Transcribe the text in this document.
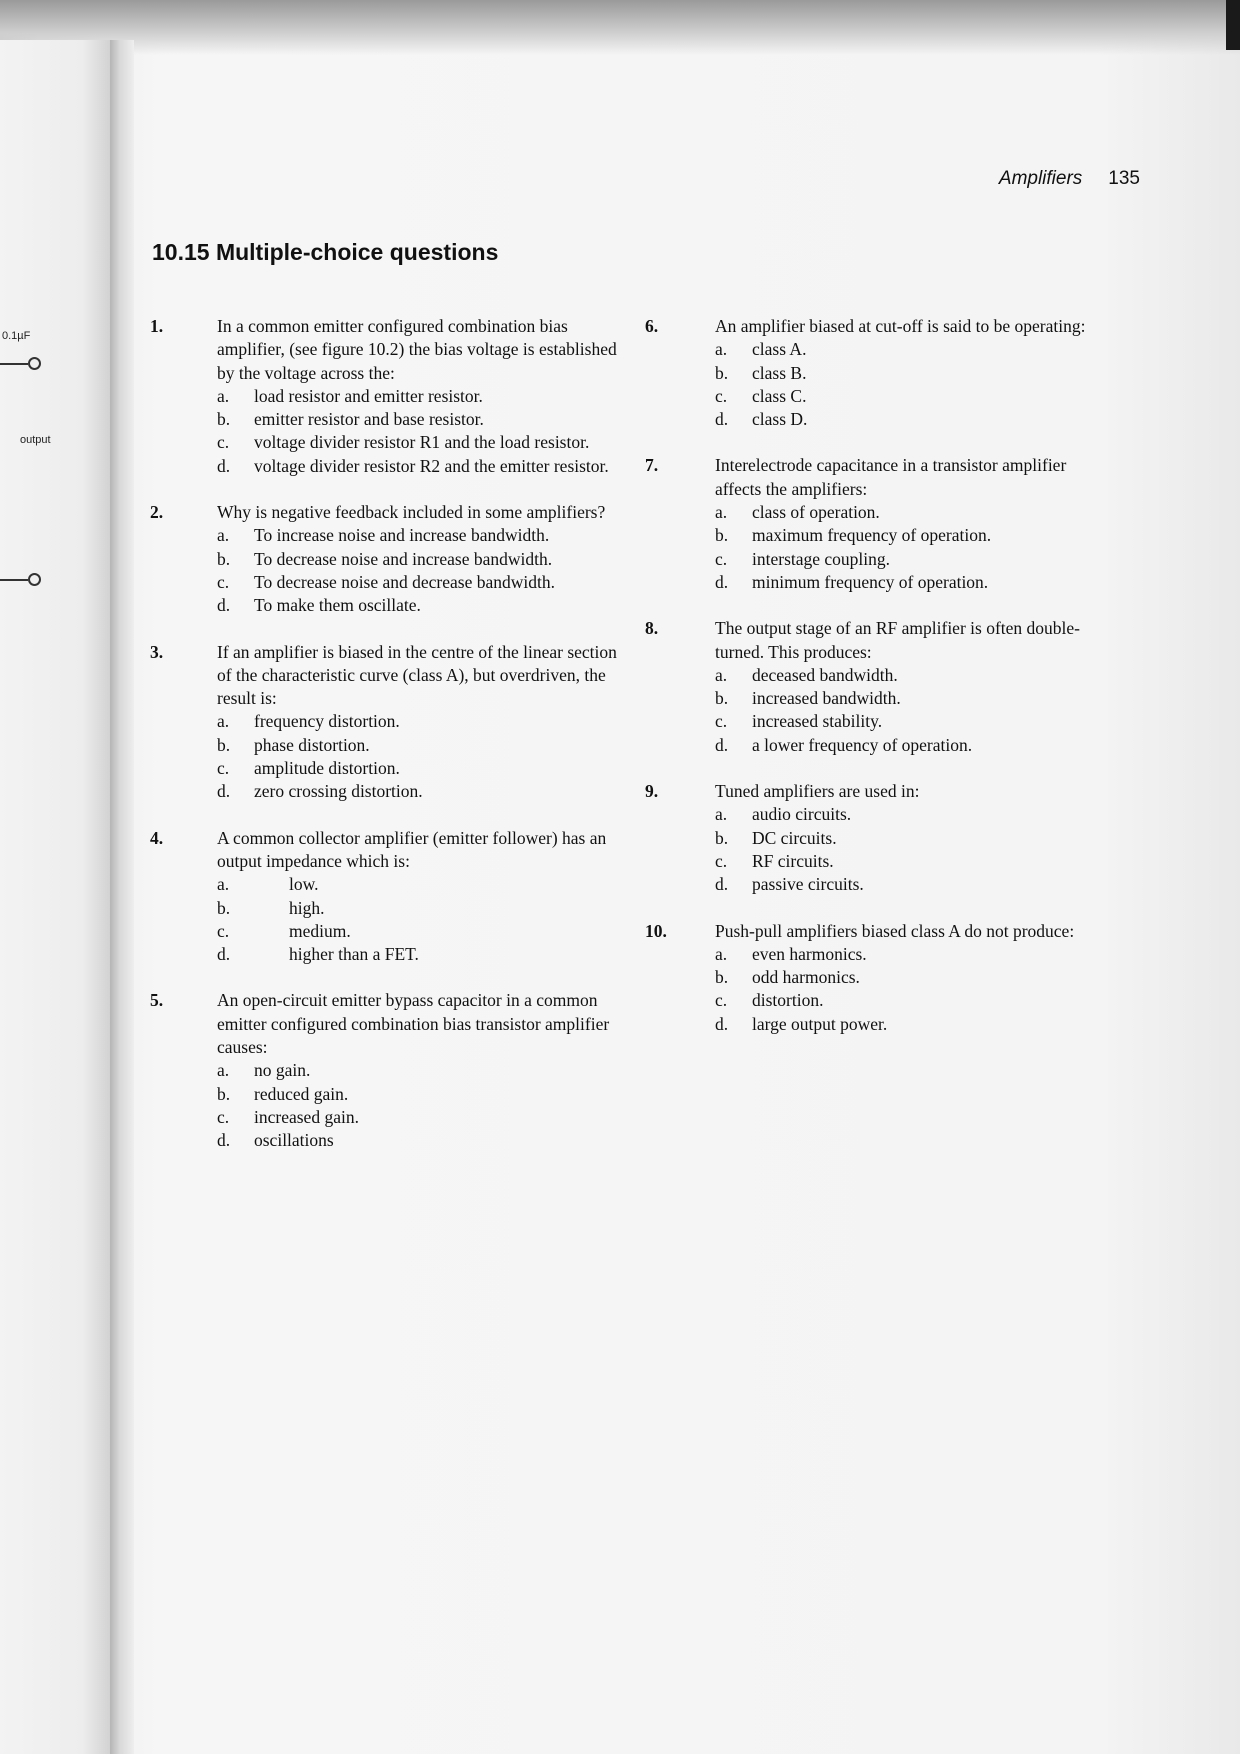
0.1µF
output
Amplifiers 135
10.15 Multiple-choice questions
1.	In a common emitter configured combination bias amplifier, (see figure 10.2) the bias voltage is established by the voltage across the:
a.	load resistor and emitter resistor.
b.	emitter resistor and base resistor.
c.	voltage divider resistor R1 and the load resistor.
d.	voltage divider resistor R2 and the emitter resistor.
2.	Why is negative feedback included in some amplifiers?
a.	To increase noise and increase bandwidth.
b.	To decrease noise and increase bandwidth.
c.	To decrease noise and decrease bandwidth.
d.	To make them oscillate.
3.	If an amplifier is biased in the centre of the linear section of the characteristic curve (class A), but overdriven, the result is:
a.	frequency distortion.
b.	phase distortion.
c.	amplitude distortion.
d.	zero crossing distortion.
4.	A common collector amplifier (emitter follower) has an output impedance which is:
a.	low.
b.	high.
c.	medium.
d.	higher than a FET.
5.	An open-circuit emitter bypass capacitor in a common emitter configured combination bias transistor amplifier causes:
a.	no gain.
b.	reduced gain.
c.	increased gain.
d.	oscillations
6.	An amplifier biased at cut-off is said to be operating:
a.	class A.
b.	class B.
c.	class C.
d.	class D.
7.	Interelectrode capacitance in a transistor amplifier affects the amplifiers:
a.	class of operation.
b.	maximum frequency of operation.
c.	interstage coupling.
d.	minimum frequency of operation.
8.	The output stage of an RF amplifier is often double-turned. This produces:
a.	deceased bandwidth.
b.	increased bandwidth.
c.	increased stability.
d.	a lower frequency of operation.
9.	Tuned amplifiers are used in:
a.	audio circuits.
b.	DC circuits.
c.	RF circuits.
d.	passive circuits.
10.	Push-pull amplifiers biased class A do not produce:
a.	even harmonics.
b.	odd harmonics.
c.	distortion.
d.	large output power.
